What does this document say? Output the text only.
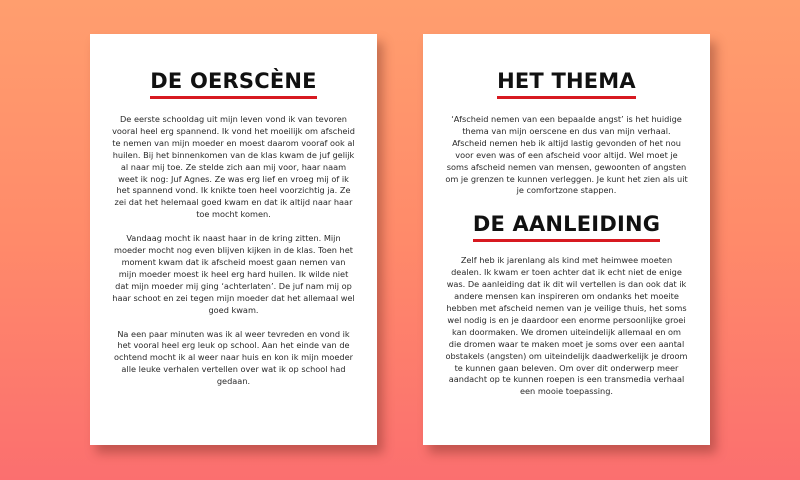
DE OERSCÈNE

De eerste schooldag uit mijn leven vond ik van tevoren vooral heel erg spannend. Ik vond het moeilijk om afscheid te nemen van mijn moeder en moest daarom vooraf ook al huilen. Bij het binnenkomen van de klas kwam de juf gelijk al naar mij toe. Ze stelde zich aan mij voor, haar naam weet ik nog: Juf Agnes. Ze was erg lief en vroeg mij of ik het spannend vond. Ik knikte toen heel voorzichtig ja. Ze zei dat het helemaal goed kwam en dat ik altijd naar haar toe mocht komen.

Vandaag mocht ik naast haar in de kring zitten. Mijn moeder mocht nog even blijven kijken in de klas. Toen het moment kwam dat ik afscheid moest gaan nemen van mijn moeder moest ik heel erg hard huilen. Ik wilde niet dat mijn moeder mij ging ‘achterlaten’. De juf nam mij op haar schoot en zei tegen mijn moeder dat het allemaal wel goed kwam.

Na een paar minuten was ik al weer tevreden en vond ik het vooral heel erg leuk op school. Aan het einde van de ochtend mocht ik al weer naar huis en kon ik mijn moeder alle leuke verhalen vertellen over wat ik op school had gedaan.

HET THEMA

‘Afscheid nemen van een bepaalde angst’ is het huidige thema van mijn oerscene en dus van mijn verhaal. Afscheid nemen heb ik altijd lastig gevonden of het nou voor even was of een afscheid voor altijd. Wel moet je soms afscheid nemen van mensen, gewoonten of angsten om je grenzen te kunnen verleggen. Je kunt het zien als uit je comfortzone stappen.

DE AANLEIDING

Zelf heb ik jarenlang als kind met heimwee moeten dealen. Ik kwam er toen achter dat ik echt niet de enige was. De aanleiding dat ik dit wil vertellen is dan ook dat ik andere mensen kan inspireren om ondanks het moeite hebben met afscheid nemen van je veilige thuis, het soms wel nodig is en je daardoor een enorme persoonlijke groei kan doormaken. We dromen uiteindelijk allemaal en om die dromen waar te maken moet je soms over een aantal obstakels (angsten) om uiteindelijk daadwerkelijk je droom te kunnen gaan beleven. Om over dit onderwerp meer aandacht op te kunnen roepen is een transmedia verhaal een mooie toepassing.
